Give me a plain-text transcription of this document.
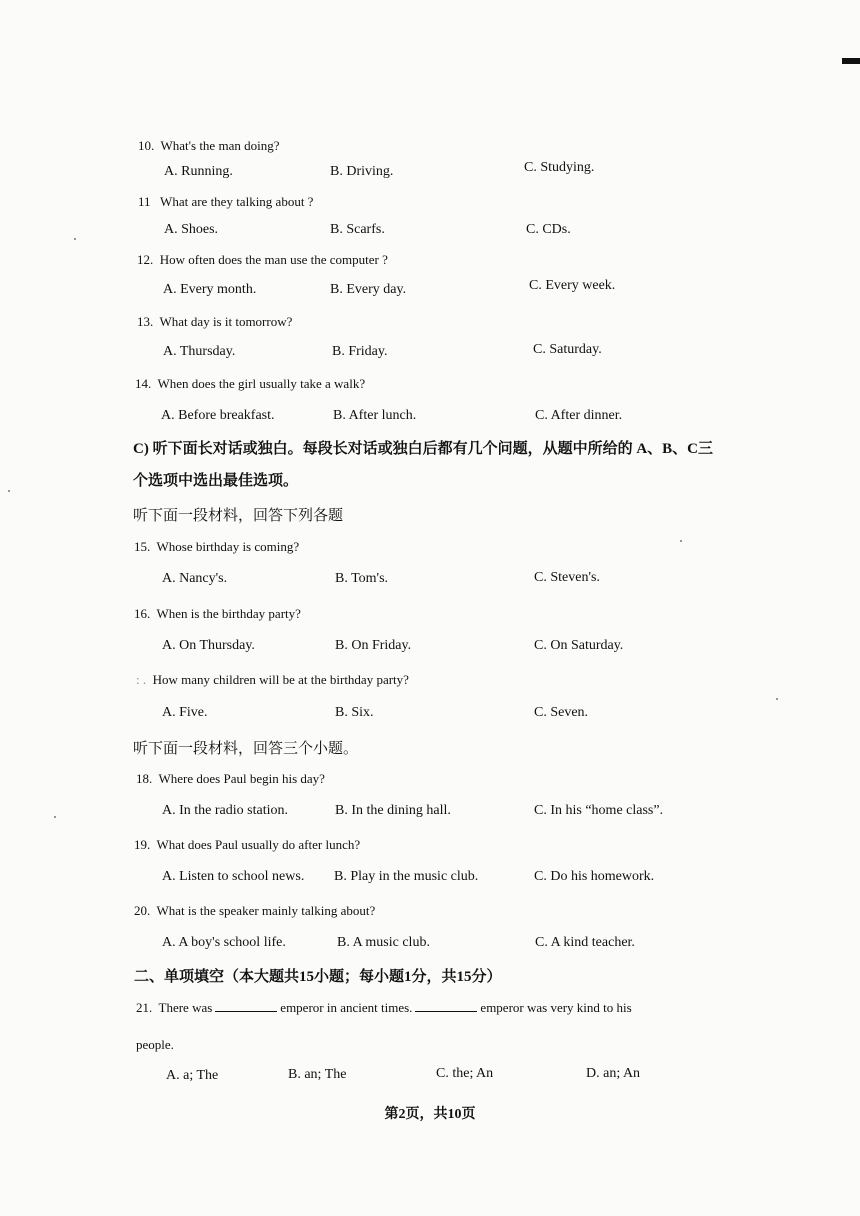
10. What's the man doing?
A. Running.	B. Driving.	C. Studying.
11 What are they talking about ?
A. Shoes.	B. Scarfs.	C. CDs.
12. How often does the man use the computer ?
A. Every month.	B. Every day.	C. Every week.
13. What day is it tomorrow?
A. Thursday.	B. Friday.	C. Saturday.
14. When does the girl usually take a walk?
A. Before breakfast.	B. After lunch.	C. After dinner.
C) 听下面长对话或独白。每段长对话或独白后都有几个问题，从题中所给的 A、B、C三
个选项中选出最佳选项。
听下面一段材料，回答下列各题
15. Whose birthday is coming?
A. Nancy's.	B. Tom's.	C. Steven's.
16. When is the birthday party?
A. On Thursday.	B. On Friday.	C. On Saturday.
: . How many children will be at the birthday party?
A. Five.	B. Six.	C. Seven.
听下面一段材料，回答三个小题。
18. Where does Paul begin his day?
A. In the radio station.	B. In the dining hall.	C. In his “home class”.
19. What does Paul usually do after lunch?
A. Listen to school news. B. Play in the music club.	C. Do his homework.
20. What is the speaker mainly talking about?
A. A boy's school life.	B. A music club.	C. A kind teacher.
二、单项填空（本大题共15小题；每小题1分，共15分）
21. There was	emperor in ancient times.	emperor was very kind to his
people.
A. a; The	B. an; The	C. the; An	D. an; An
第2页，共10页
